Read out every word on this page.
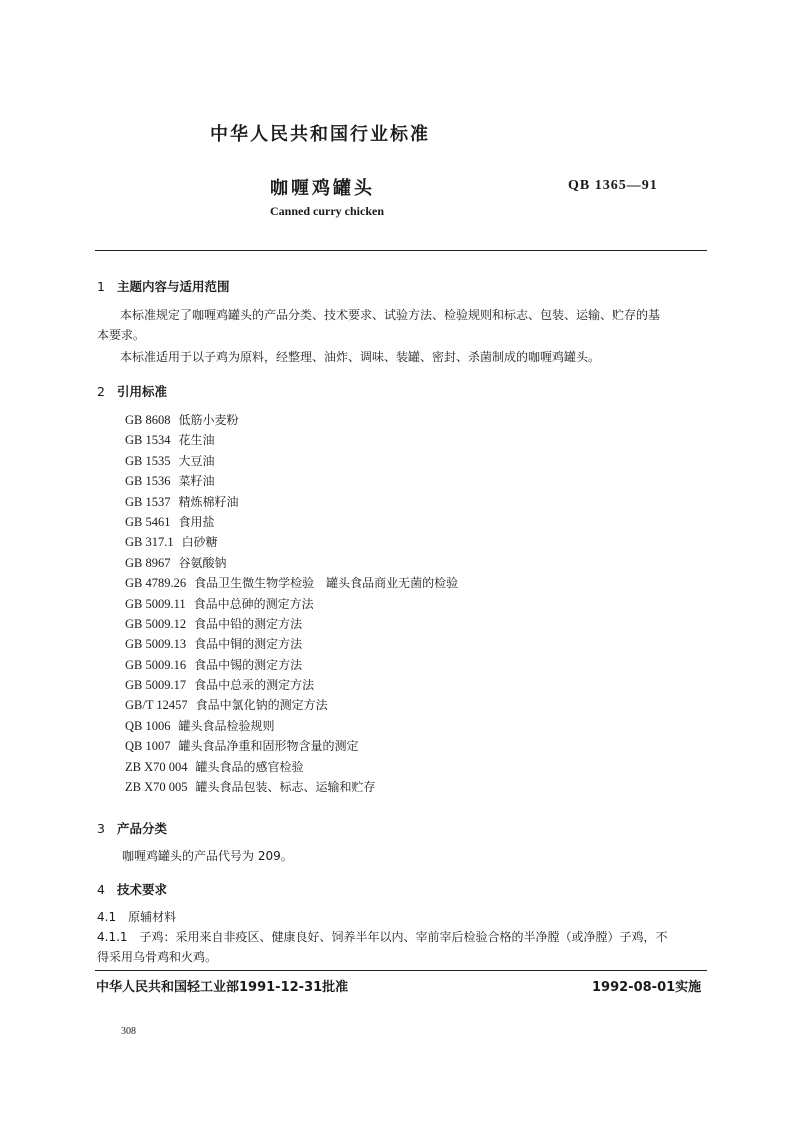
中华人民共和国行业标准
咖喱鸡罐头	QB 1365—91
Canned curry chicken
1 主题内容与适用范围
本标准规定了咖喱鸡罐头的产品分类、技术要求、试验方法、检验规则和标志、包装、运输、贮存的基
本要求。
本标准适用于以子鸡为原料，经整理、油炸、调味、装罐、密封、杀菌制成的咖喱鸡罐头。
2 引用标准
GB 8608 低筋小麦粉
GB 1534 花生油
GB 1535 大豆油
GB 1536 菜籽油
GB 1537 精炼棉籽油
GB 5461 食用盐
GB 317.1 白砂糖
GB 8967 谷氨酸钠
GB 4789.26 食品卫生微生物学检验　罐头食品商业无菌的检验
GB 5009.11 食品中总砷的测定方法
GB 5009.12 食品中铅的测定方法
GB 5009.13 食品中铜的测定方法
GB 5009.16 食品中锡的测定方法
GB 5009.17 食品中总汞的测定方法
GB/T 12457 食品中氯化钠的测定方法
QB 1006 罐头食品检验规则
QB 1007 罐头食品净重和固形物含量的测定
ZB X70 004 罐头食品的感官检验
ZB X70 005 罐头食品包装、标志、运输和贮存
3 产品分类
咖喱鸡罐头的产品代号为 209。
4 技术要求
4.1　原辅材料
4.1.1　子鸡：采用来自非疫区、健康良好、饲养半年以内、宰前宰后检验合格的半净膛（或净膛）子鸡，不
得采用乌骨鸡和火鸡。
中华人民共和国轻工业部1991-12-31批准	1992-08-01实施
308
